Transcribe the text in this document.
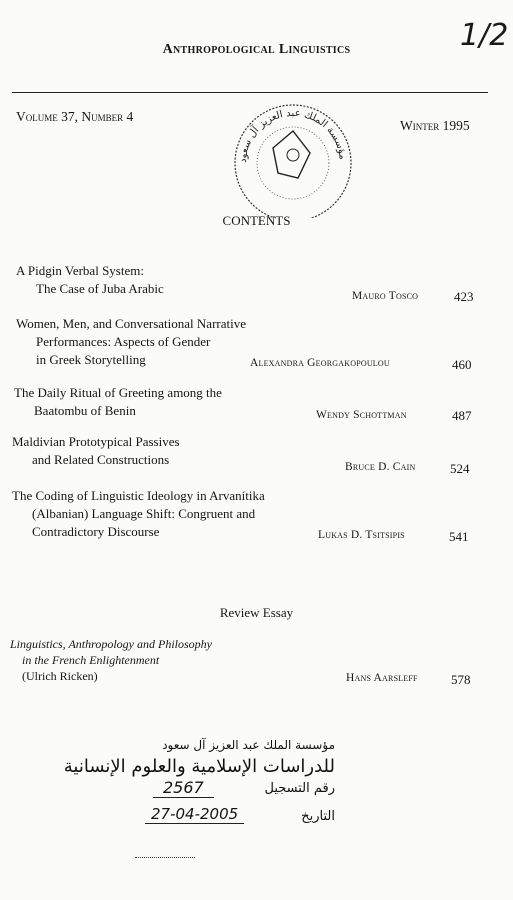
1/2
Anthropological Linguistics
Volume 37, Number 4
Winter 1995
مؤسسة الملك عبد العزيز آل سعود
CONTENTS
A Pidgin Verbal System:
The Case of Juba Arabic	Mauro Tosco	423
Women, Men, and Conversational Narrative
Performances: Aspects of Gender
in Greek Storytelling	Alexandra Georgakopoulou	460
The Daily Ritual of Greeting among the
Baatombu of Benin	Wendy Schottman	487
Maldivian Prototypical Passives
and Related Constructions	Bruce D. Cain	524
The Coding of Linguistic Ideology in Arvanítika
(Albanian) Language Shift: Congruent and
Contradictory Discourse	Lukas D. Tsitsipis	541
Review Essay
Linguistics, Anthropology and Philosophy
in the French Enlightenment
(Ulrich Ricken)	Hans Aarsleff	578
مؤسسة الملك عبد العزيز آل سعود
للدراسات الإسلامية والعلوم الإنسانية
رقم التسجيل
2567
التاريخ
27-04-2005
